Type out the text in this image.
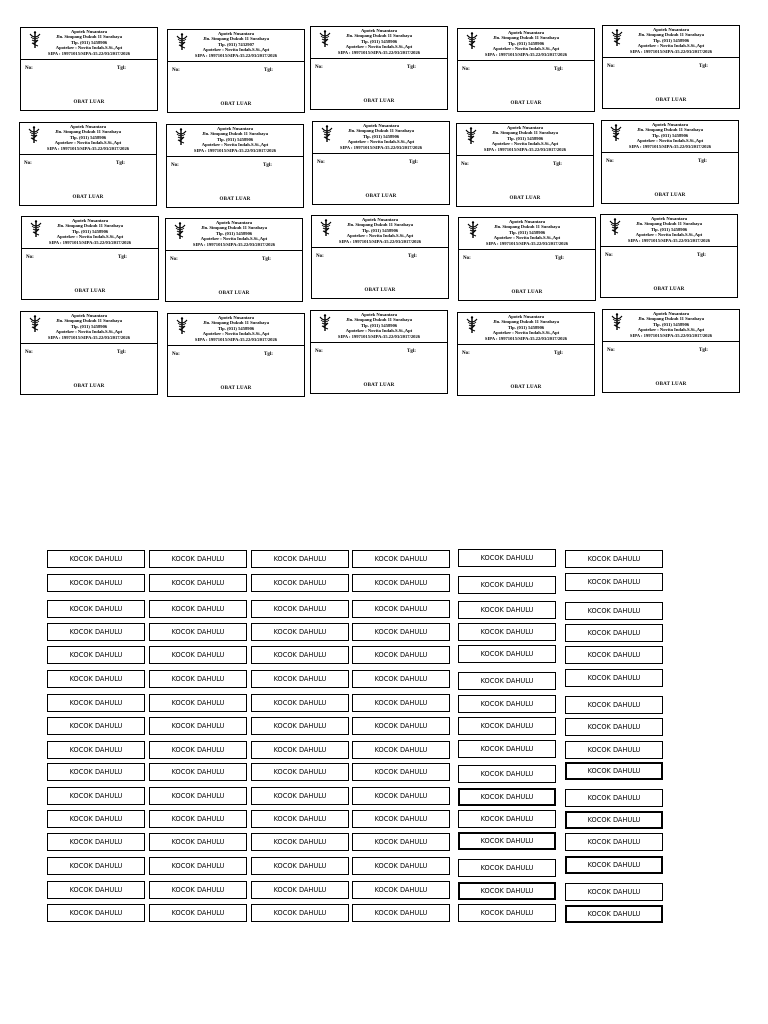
Apotek Nusantara
Jln. Simpang Dukuh 11 Surabaya
Tlp. (031) 5458906
Apoteker : Novita Indah.S.Si.,Apt
SIPA : 19971015/SIPA:35.22/03/2017/2026
No:	Tgl:
OBAT LUAR
Apotek Nusantara
Jln. Simpang Dukuh 11 Surabaya
Tlp. (031) 7432907
Apoteker : Novita Indah.S.Si.,Apt
SIPA : 19971015/SIPA:35.22/03/2017/2026
No:	Tgl:
OBAT LUAR
Apotek Nusantara
Jln. Simpang Dukuh 11 Surabaya
Tlp. (031) 5458906
Apoteker : Novita Indah.S.Si.,Apt
SIPA : 19971015/SIPA:35.22/03/2017/2026
No:	Tgl:
OBAT LUAR
Apotek Nusantara
Jln. Simpang Dukuh 11 Surabaya
Tlp. (031) 5458906
Apoteker : Novita Indah.S.Si.,Apt
SIPA : 19971015/SIPA:35.22/03/2017/2026
No:	Tgl:
OBAT LUAR
Apotek Nusantara
Jln. Simpang Dukuh 11 Surabaya
Tlp. (031) 5458906
Apoteker : Novita Indah.S.Si.,Apt
SIPA : 19971015/SIPA:35.22/03/2017/2026
No:	Tgl:
OBAT LUAR
Apotek Nusantara
Jln. Simpang Dukuh 11 Surabaya
Tlp. (031) 5458906
Apoteker : Novita Indah.S.Si.,Apt
SIPA : 19971015/SIPA:35.22/03/2017/2026
No:	Tgl:
OBAT LUAR
Apotek Nusantara
Jln. Simpang Dukuh 11 Surabaya
Tlp. (031) 5458906
Apoteker : Novita Indah.S.Si.,Apt
SIPA : 19971015/SIPA:35.22/03/2017/2026
No:	Tgl:
OBAT LUAR
Apotek Nusantara
Jln. Simpang Dukuh 11 Surabaya
Tlp. (031) 5458906
Apoteker : Novita Indah.S.Si.,Apt
SIPA : 19971015/SIPA:35.22/03/2017/2026
No:	Tgl:
OBAT LUAR
Apotek Nusantara
Jln. Simpang Dukuh 11 Surabaya
Tlp. (031) 5458906
Apoteker : Novita Indah.S.Si.,Apt
SIPA : 19971015/SIPA:35.22/03/2017/2026
No:	Tgl:
OBAT LUAR
Apotek Nusantara
Jln. Simpang Dukuh 11 Surabaya
Tlp. (031) 5458906
Apoteker : Novita Indah.S.Si.,Apt
SIPA : 19971015/SIPA:35.22/03/2017/2026
No:	Tgl:
OBAT LUAR
Apotek Nusantara
Jln. Simpang Dukuh 11 Surabaya
Tlp. (031) 5458906
Apoteker : Novita Indah.S.Si.,Apt
SIPA : 19971015/SIPA:35.22/03/2017/2026
No:	Tgl:
OBAT LUAR
Apotek Nusantara
Jln. Simpang Dukuh 11 Surabaya
Tlp. (031) 5458906
Apoteker : Novita Indah.S.Si.,Apt
SIPA : 19971015/SIPA:35.22/03/2017/2026
No:	Tgl:
OBAT LUAR
Apotek Nusantara
Jln. Simpang Dukuh 11 Surabaya
Tlp. (031) 5458906
Apoteker : Novita Indah.S.Si.,Apt
SIPA : 19971015/SIPA:35.22/03/2017/2026
No:	Tgl:
OBAT LUAR
Apotek Nusantara
Jln. Simpang Dukuh 11 Surabaya
Tlp. (031) 5458906
Apoteker : Novita Indah.S.Si.,Apt
SIPA : 19971015/SIPA:35.22/03/2017/2026
No:	Tgl:
OBAT LUAR
Apotek Nusantara
Jln. Simpang Dukuh 11 Surabaya
Tlp. (031) 5458906
Apoteker : Novita Indah.S.Si.,Apt
SIPA : 19971015/SIPA:35.22/03/2017/2026
No:	Tgl:
OBAT LUAR
Apotek Nusantara
Jln. Simpang Dukuh 11 Surabaya
Tlp. (031) 5458906
Apoteker : Novita Indah.S.Si.,Apt
SIPA : 19971015/SIPA:35.22/03/2017/2026
No:	Tgl:
OBAT LUAR
Apotek Nusantara
Jln. Simpang Dukuh 11 Surabaya
Tlp. (031) 5458906
Apoteker : Novita Indah.S.Si.,Apt
SIPA : 19971015/SIPA:35.22/03/2017/2026
No:	Tgl:
OBAT LUAR
Apotek Nusantara
Jln. Simpang Dukuh 11 Surabaya
Tlp. (031) 5458906
Apoteker : Novita Indah.S.Si.,Apt
SIPA : 19971015/SIPA:35.22/03/2017/2026
No:	Tgl:
OBAT LUAR
Apotek Nusantara
Jln. Simpang Dukuh 11 Surabaya
Tlp. (031) 5458906
Apoteker : Novita Indah.S.Si.,Apt
SIPA : 19971015/SIPA:35.22/03/2017/2026
No:	Tgl:
OBAT LUAR
Apotek Nusantara
Jln. Simpang Dukuh 11 Surabaya
Tlp. (031) 5458906
Apoteker : Novita Indah.S.Si.,Apt
SIPA : 19971015/SIPA:35.22/03/2017/2026
No:	Tgl:
OBAT LUAR
KOCOK DAHULU	KOCOK DAHULU	KOCOK DAHULU	KOCOK DAHULU	KOCOK DAHULU	KOCOK DAHULU
KOCOK DAHULU	KOCOK DAHULU	KOCOK DAHULU	KOCOK DAHULU	KOCOK DAHULU	KOCOK DAHULU
KOCOK DAHULU	KOCOK DAHULU	KOCOK DAHULU	KOCOK DAHULU	KOCOK DAHULU	KOCOK DAHULU
KOCOK DAHULU	KOCOK DAHULU	KOCOK DAHULU	KOCOK DAHULU	KOCOK DAHULU	KOCOK DAHULU
KOCOK DAHULU	KOCOK DAHULU	KOCOK DAHULU	KOCOK DAHULU	KOCOK DAHULU	KOCOK DAHULU
KOCOK DAHULU	KOCOK DAHULU	KOCOK DAHULU	KOCOK DAHULU	KOCOK DAHULU	KOCOK DAHULU
KOCOK DAHULU	KOCOK DAHULU	KOCOK DAHULU	KOCOK DAHULU	KOCOK DAHULU	KOCOK DAHULU
KOCOK DAHULU	KOCOK DAHULU	KOCOK DAHULU	KOCOK DAHULU	KOCOK DAHULU	KOCOK DAHULU
KOCOK DAHULU	KOCOK DAHULU	KOCOK DAHULU	KOCOK DAHULU	KOCOK DAHULU	KOCOK DAHULU
KOCOK DAHULU	KOCOK DAHULU	KOCOK DAHULU	KOCOK DAHULU	KOCOK DAHULU	KOCOK DAHULU
KOCOK DAHULU	KOCOK DAHULU	KOCOK DAHULU	KOCOK DAHULU	KOCOK DAHULU	KOCOK DAHULU
KOCOK DAHULU	KOCOK DAHULU	KOCOK DAHULU	KOCOK DAHULU	KOCOK DAHULU	KOCOK DAHULU
KOCOK DAHULU	KOCOK DAHULU	KOCOK DAHULU	KOCOK DAHULU	KOCOK DAHULU	KOCOK DAHULU
KOCOK DAHULU	KOCOK DAHULU	KOCOK DAHULU	KOCOK DAHULU	KOCOK DAHULU	KOCOK DAHULU
KOCOK DAHULU	KOCOK DAHULU	KOCOK DAHULU	KOCOK DAHULU	KOCOK DAHULU	KOCOK DAHULU
KOCOK DAHULU	KOCOK DAHULU	KOCOK DAHULU	KOCOK DAHULU	KOCOK DAHULU	KOCOK DAHULU
